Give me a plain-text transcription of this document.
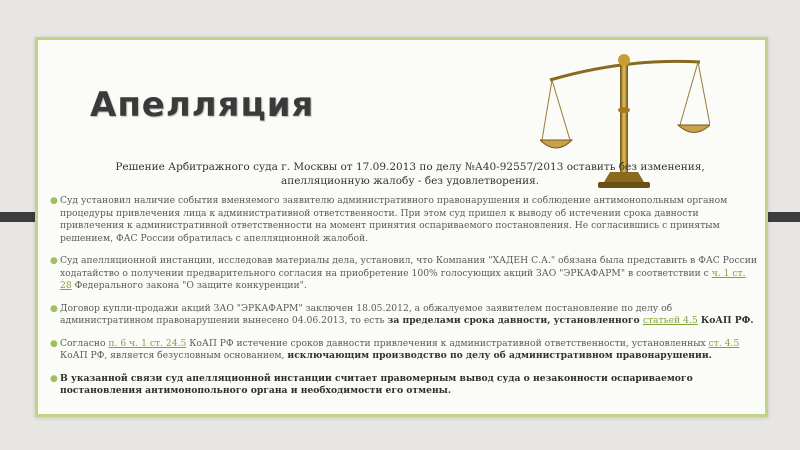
Апелляция
Решение Арбитражного суда г. Москвы от 17.09.2013 по делу №А40-92557/2013 оставить без изменения, апелляционную жалобу - без удовлетворения.
● Суд установил наличие события вменяемого заявителю административного правонарушения и соблюдение антимонопольным органом процедуры привлечения лица к административной ответственности. При этом суд пришел к выводу об истечении срока давности привлечения к административной ответственности на момент принятия оспариваемого постановления. Не согласившись с принятым решением, ФАС России обратилась с апелляционной жалобой.
● Суд апелляционной инстанции, исследовав материалы дела, установил, что Компания "ХАДЕН С.А." обязана была представить в ФАС России ходатайство о получении предварительного согласия на приобретение 100% голосующих акций ЗАО "ЭРКАФАРМ" в соответствии с ч. 1 ст. 28 Федерального закона "О защите конкуренции".
● Договор купли-продажи акций ЗАО "ЭРКАФАРМ" заключен 18.05.2012, а обжалуемое заявителем постановление по делу об административном правонарушении вынесено 04.06.2013, то есть за пределами срока давности, установленного статьей 4.5 КоАП РФ.
● Согласно п. 6 ч. 1 ст. 24.5 КоАП РФ истечение сроков давности привлечения к административной ответственности, установленных ст. 4.5 КоАП РФ, является безусловным основанием, исключающим производство по делу об административном правонарушении.
● В указанной связи суд апелляционной инстанции считает правомерным вывод суда о незаконности оспариваемого постановления антимонопольного органа и необходимости его отмены.
